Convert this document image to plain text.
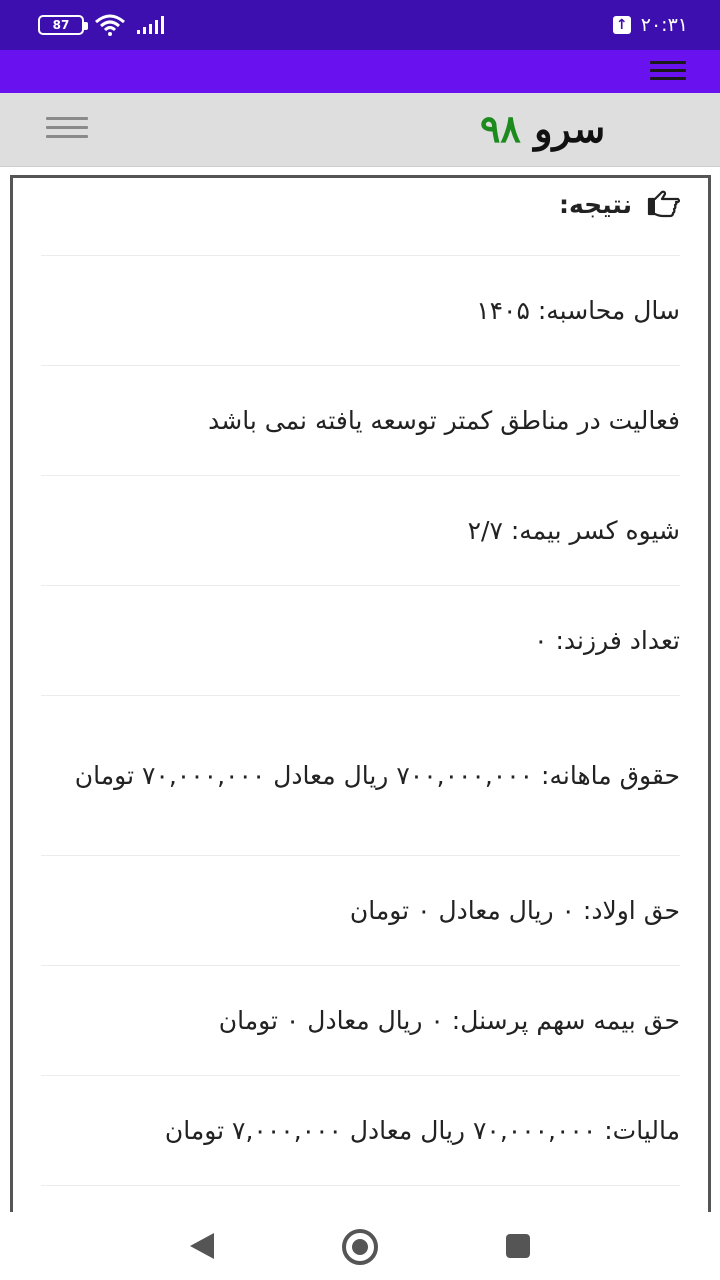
87	↑ ۲۰:۳۱
سرو ۹۸
نتیجه:
سال محاسبه: ۱۴۰۵
فعالیت در مناطق کمتر توسعه یافته نمی باشد
شیوه کسر بیمه: ۲/۷
تعداد فرزند: ۰
حقوق ماهانه: ۷۰۰,۰۰۰,۰۰۰ ریال معادل ۷۰,۰۰۰,۰۰۰ تومان
حق اولاد: ۰ ریال معادل ۰ تومان
حق بیمه سهم پرسنل: ۰ ریال معادل ۰ تومان
مالیات: ۷۰,۰۰۰,۰۰۰ ریال معادل ۷,۰۰۰,۰۰۰ تومان
